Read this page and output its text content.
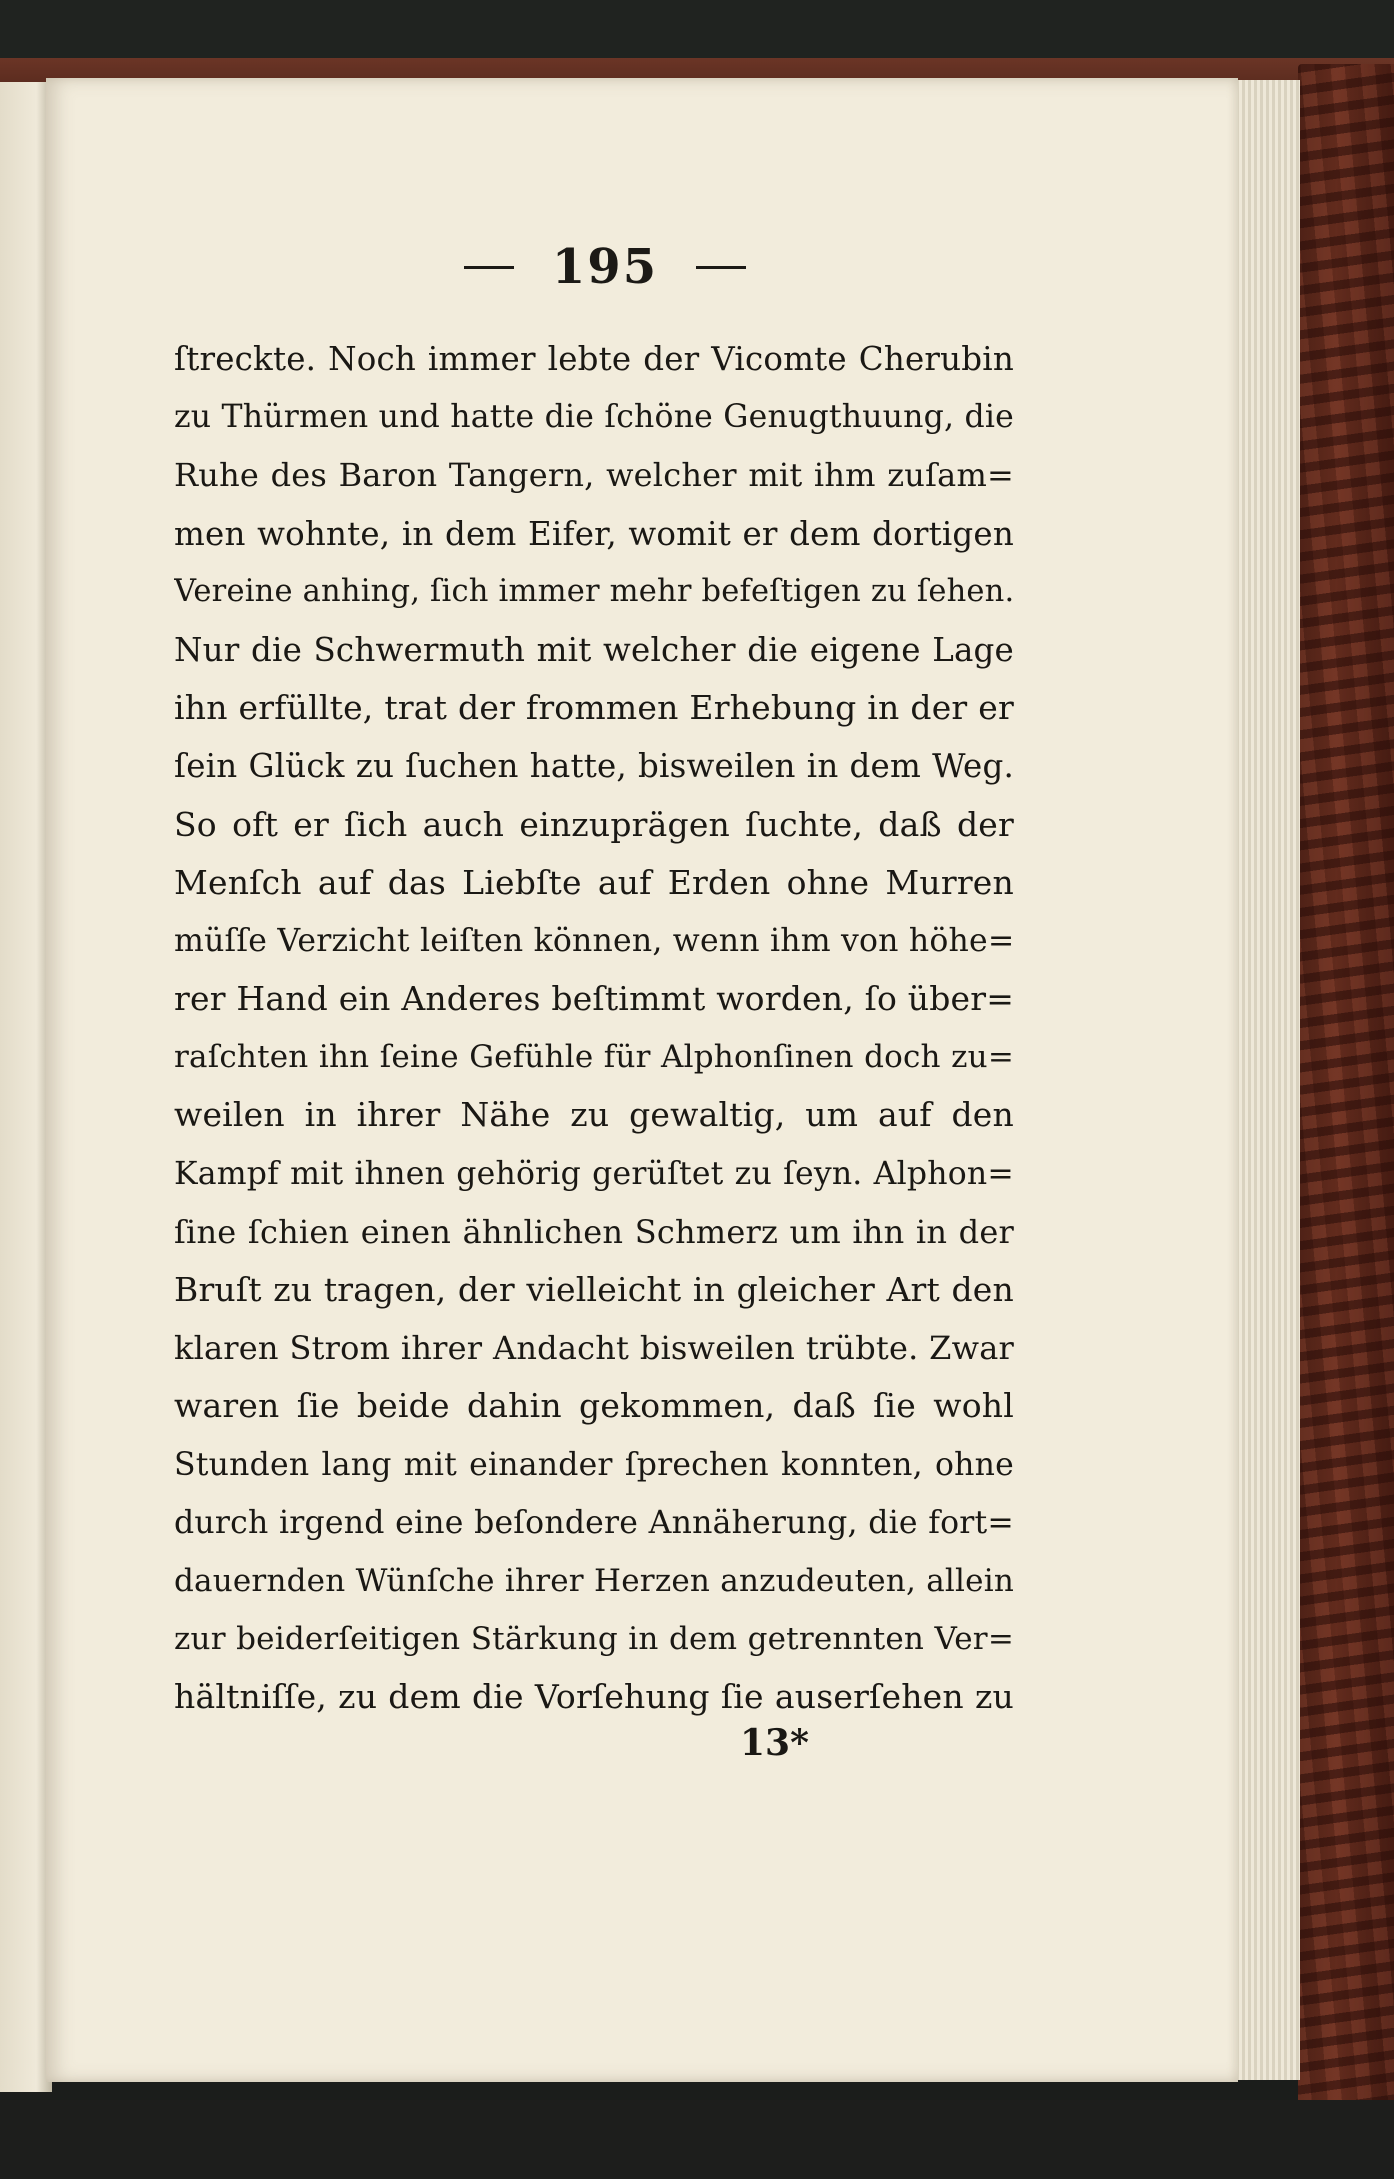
195
ſtreckte. Noch immer lebte der Vicomte Cherubin
zu Thürmen und hatte die ſchöne Genugthuung, die
Ruhe des Baron Tangern, welcher mit ihm zuſam=
men wohnte, in dem Eifer, womit er dem dortigen
Vereine anhing, ſich immer mehr befeſtigen zu ſehen.
Nur die Schwermuth mit welcher die eigene Lage
ihn erfüllte, trat der frommen Erhebung in der er
ſein Glück zu ſuchen hatte, bisweilen in dem Weg.
So oft er ſich auch einzuprägen ſuchte, daß der
Menſch auf das Liebſte auf Erden ohne Murren
müſſe Verzicht leiſten können, wenn ihm von höhe=
rer Hand ein Anderes beſtimmt worden, ſo über=
raſchten ihn ſeine Gefühle für Alphonſinen doch zu=
weilen in ihrer Nähe zu gewaltig, um auf den
Kampf mit ihnen gehörig gerüſtet zu ſeyn. Alphon=
ſine ſchien einen ähnlichen Schmerz um ihn in der
Bruſt zu tragen, der vielleicht in gleicher Art den
klaren Strom ihrer Andacht bisweilen trübte. Zwar
waren ſie beide dahin gekommen, daß ſie wohl
Stunden lang mit einander ſprechen konnten, ohne
durch irgend eine beſondere Annäherung, die fort=
dauernden Wünſche ihrer Herzen anzudeuten, allein
zur beiderſeitigen Stärkung in dem getrennten Ver=
hältniſſe, zu dem die Vorſehung ſie auserſehen zu
13*
